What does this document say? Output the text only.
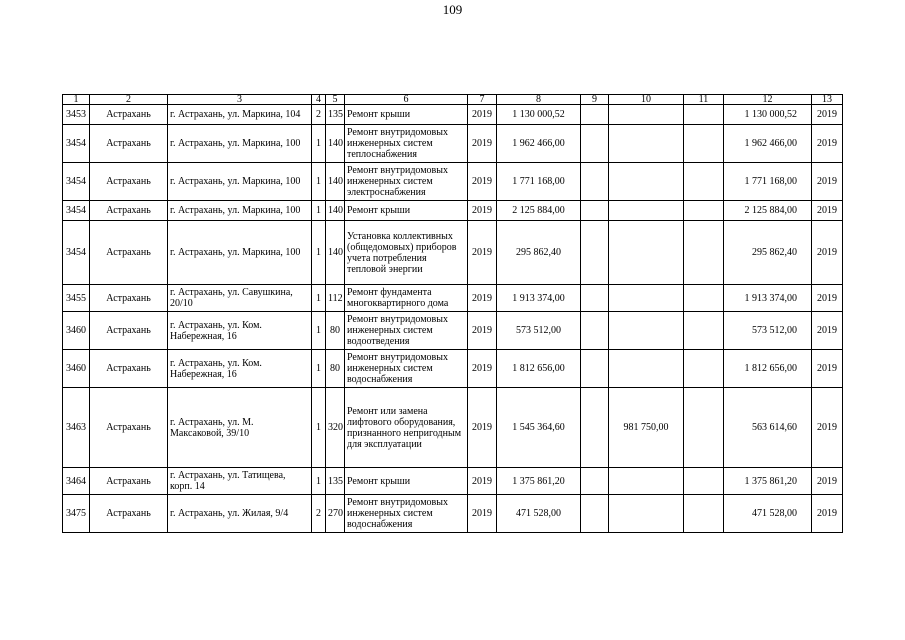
109
1	2	3	4	5	6	7	8	9	10	11	12	13
3453	Астрахань	г. Астрахань, ул. Маркина, 104	2	135	Ремонт крыши	2019	1 130 000,52				1 130 000,52	2019
3454	Астрахань	г. Астрахань, ул. Маркина, 100	1	140	Ремонт внутридомовых инженерных систем теплоснабжения	2019	1 962 466,00				1 962 466,00	2019
3454	Астрахань	г. Астрахань, ул. Маркина, 100	1	140	Ремонт внутридомовых инженерных систем электроснабжения	2019	1 771 168,00				1 771 168,00	2019
3454	Астрахань	г. Астрахань, ул. Маркина, 100	1	140	Ремонт крыши	2019	2 125 884,00				2 125 884,00	2019
3454	Астрахань	г. Астрахань, ул. Маркина, 100	1	140	Установка коллективных (общедомовых) приборов учета потребления тепловой энергии	2019	295 862,40				295 862,40	2019
3455	Астрахань	г. Астрахань, ул. Савушкина, 20/10	1	112	Ремонт фундамента многоквартирного дома	2019	1 913 374,00				1 913 374,00	2019
3460	Астрахань	г. Астрахань, ул. Ком. Набережная, 16	1	80	Ремонт внутридомовых инженерных систем водоотведения	2019	573 512,00				573 512,00	2019
3460	Астрахань	г. Астрахань, ул. Ком. Набережная, 16	1	80	Ремонт внутридомовых инженерных систем водоснабжения	2019	1 812 656,00				1 812 656,00	2019
3463	Астрахань	г. Астрахань, ул. М. Максаковой, 39/10	1	320	Ремонт или замена лифтового оборудования, признанного непригодным для эксплуатации	2019	1 545 364,60		981 750,00		563 614,60	2019
3464	Астрахань	г. Астрахань, ул. Татищева, корп. 14	1	135	Ремонт крыши	2019	1 375 861,20				1 375 861,20	2019
3475	Астрахань	г. Астрахань, ул. Жилая, 9/4	2	270	Ремонт внутридомовых инженерных систем водоснабжения	2019	471 528,00				471 528,00	2019
